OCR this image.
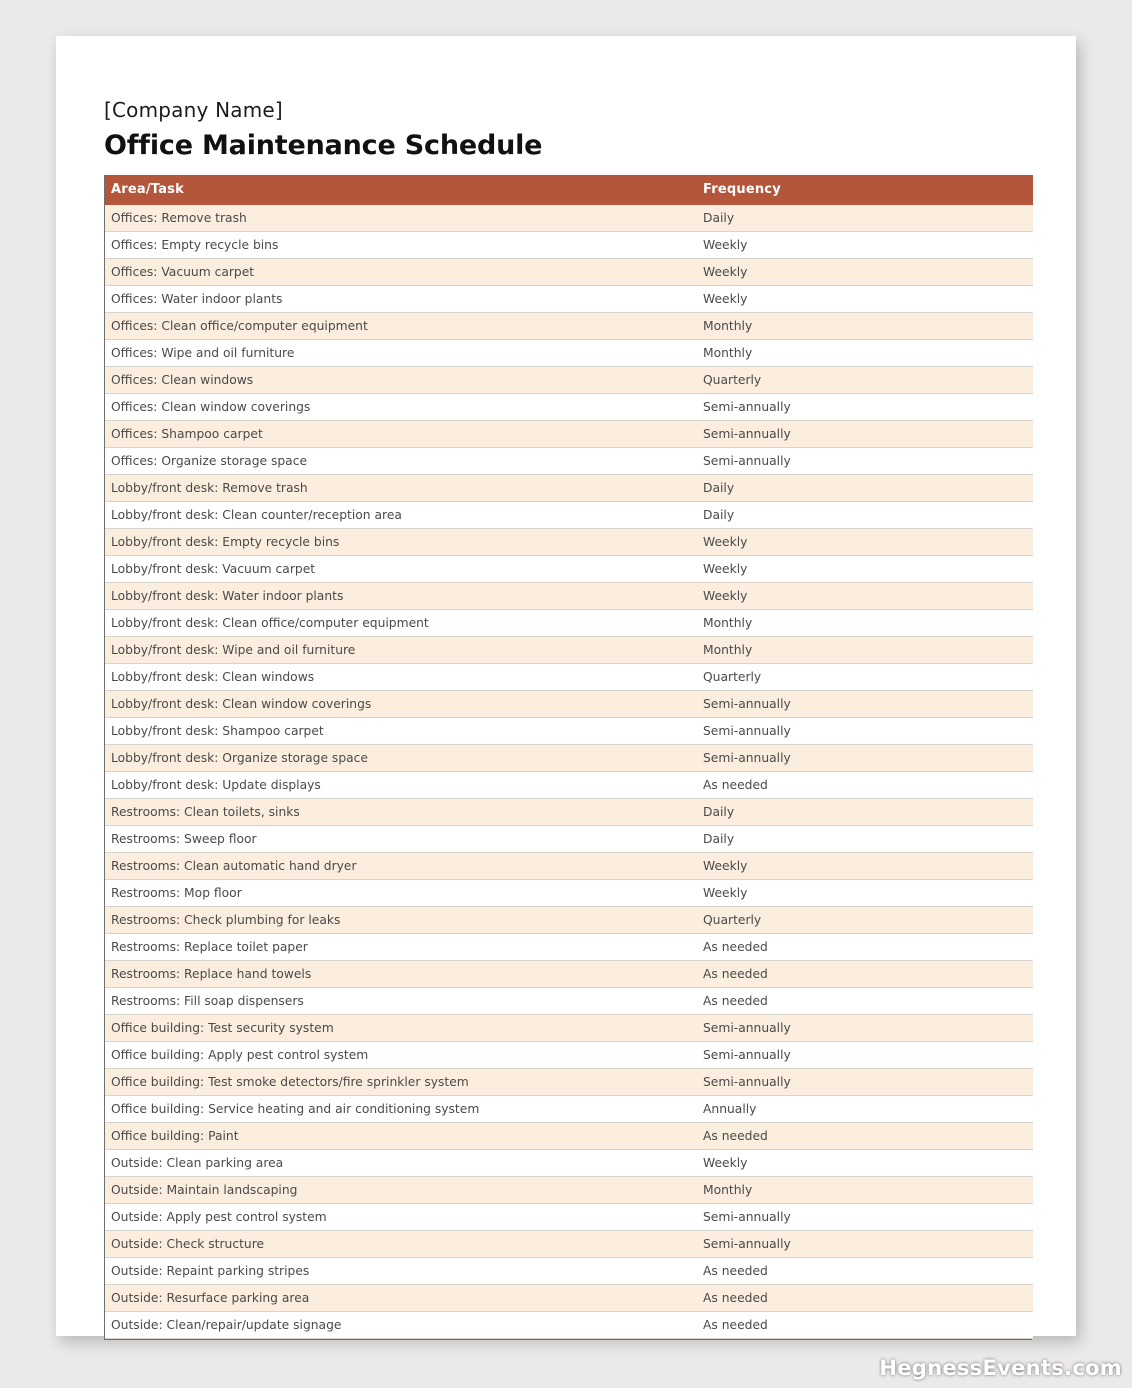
[Company Name]
Office Maintenance Schedule
Area/Task	Frequency
Offices: Remove trash	Daily
Offices: Empty recycle bins	Weekly
Offices: Vacuum carpet	Weekly
Offices: Water indoor plants	Weekly
Offices: Clean office/computer equipment	Monthly
Offices: Wipe and oil furniture	Monthly
Offices: Clean windows	Quarterly
Offices: Clean window coverings	Semi-annually
Offices: Shampoo carpet	Semi-annually
Offices: Organize storage space	Semi-annually
Lobby/front desk: Remove trash	Daily
Lobby/front desk: Clean counter/reception area	Daily
Lobby/front desk: Empty recycle bins	Weekly
Lobby/front desk: Vacuum carpet	Weekly
Lobby/front desk: Water indoor plants	Weekly
Lobby/front desk: Clean office/computer equipment	Monthly
Lobby/front desk: Wipe and oil furniture	Monthly
Lobby/front desk: Clean windows	Quarterly
Lobby/front desk: Clean window coverings	Semi-annually
Lobby/front desk: Shampoo carpet	Semi-annually
Lobby/front desk: Organize storage space	Semi-annually
Lobby/front desk: Update displays	As needed
Restrooms: Clean toilets, sinks	Daily
Restrooms: Sweep floor	Daily
Restrooms: Clean automatic hand dryer	Weekly
Restrooms: Mop floor	Weekly
Restrooms: Check plumbing for leaks	Quarterly
Restrooms: Replace toilet paper	As needed
Restrooms: Replace hand towels	As needed
Restrooms: Fill soap dispensers	As needed
Office building: Test security system	Semi-annually
Office building: Apply pest control system	Semi-annually
Office building: Test smoke detectors/fire sprinkler system	Semi-annually
Office building: Service heating and air conditioning system	Annually
Office building: Paint	As needed
Outside: Clean parking area	Weekly
Outside: Maintain landscaping	Monthly
Outside: Apply pest control system	Semi-annually
Outside: Check structure	Semi-annually
Outside: Repaint parking stripes	As needed
Outside: Resurface parking area	As needed
Outside: Clean/repair/update signage	As needed
HegnessEvents.com
